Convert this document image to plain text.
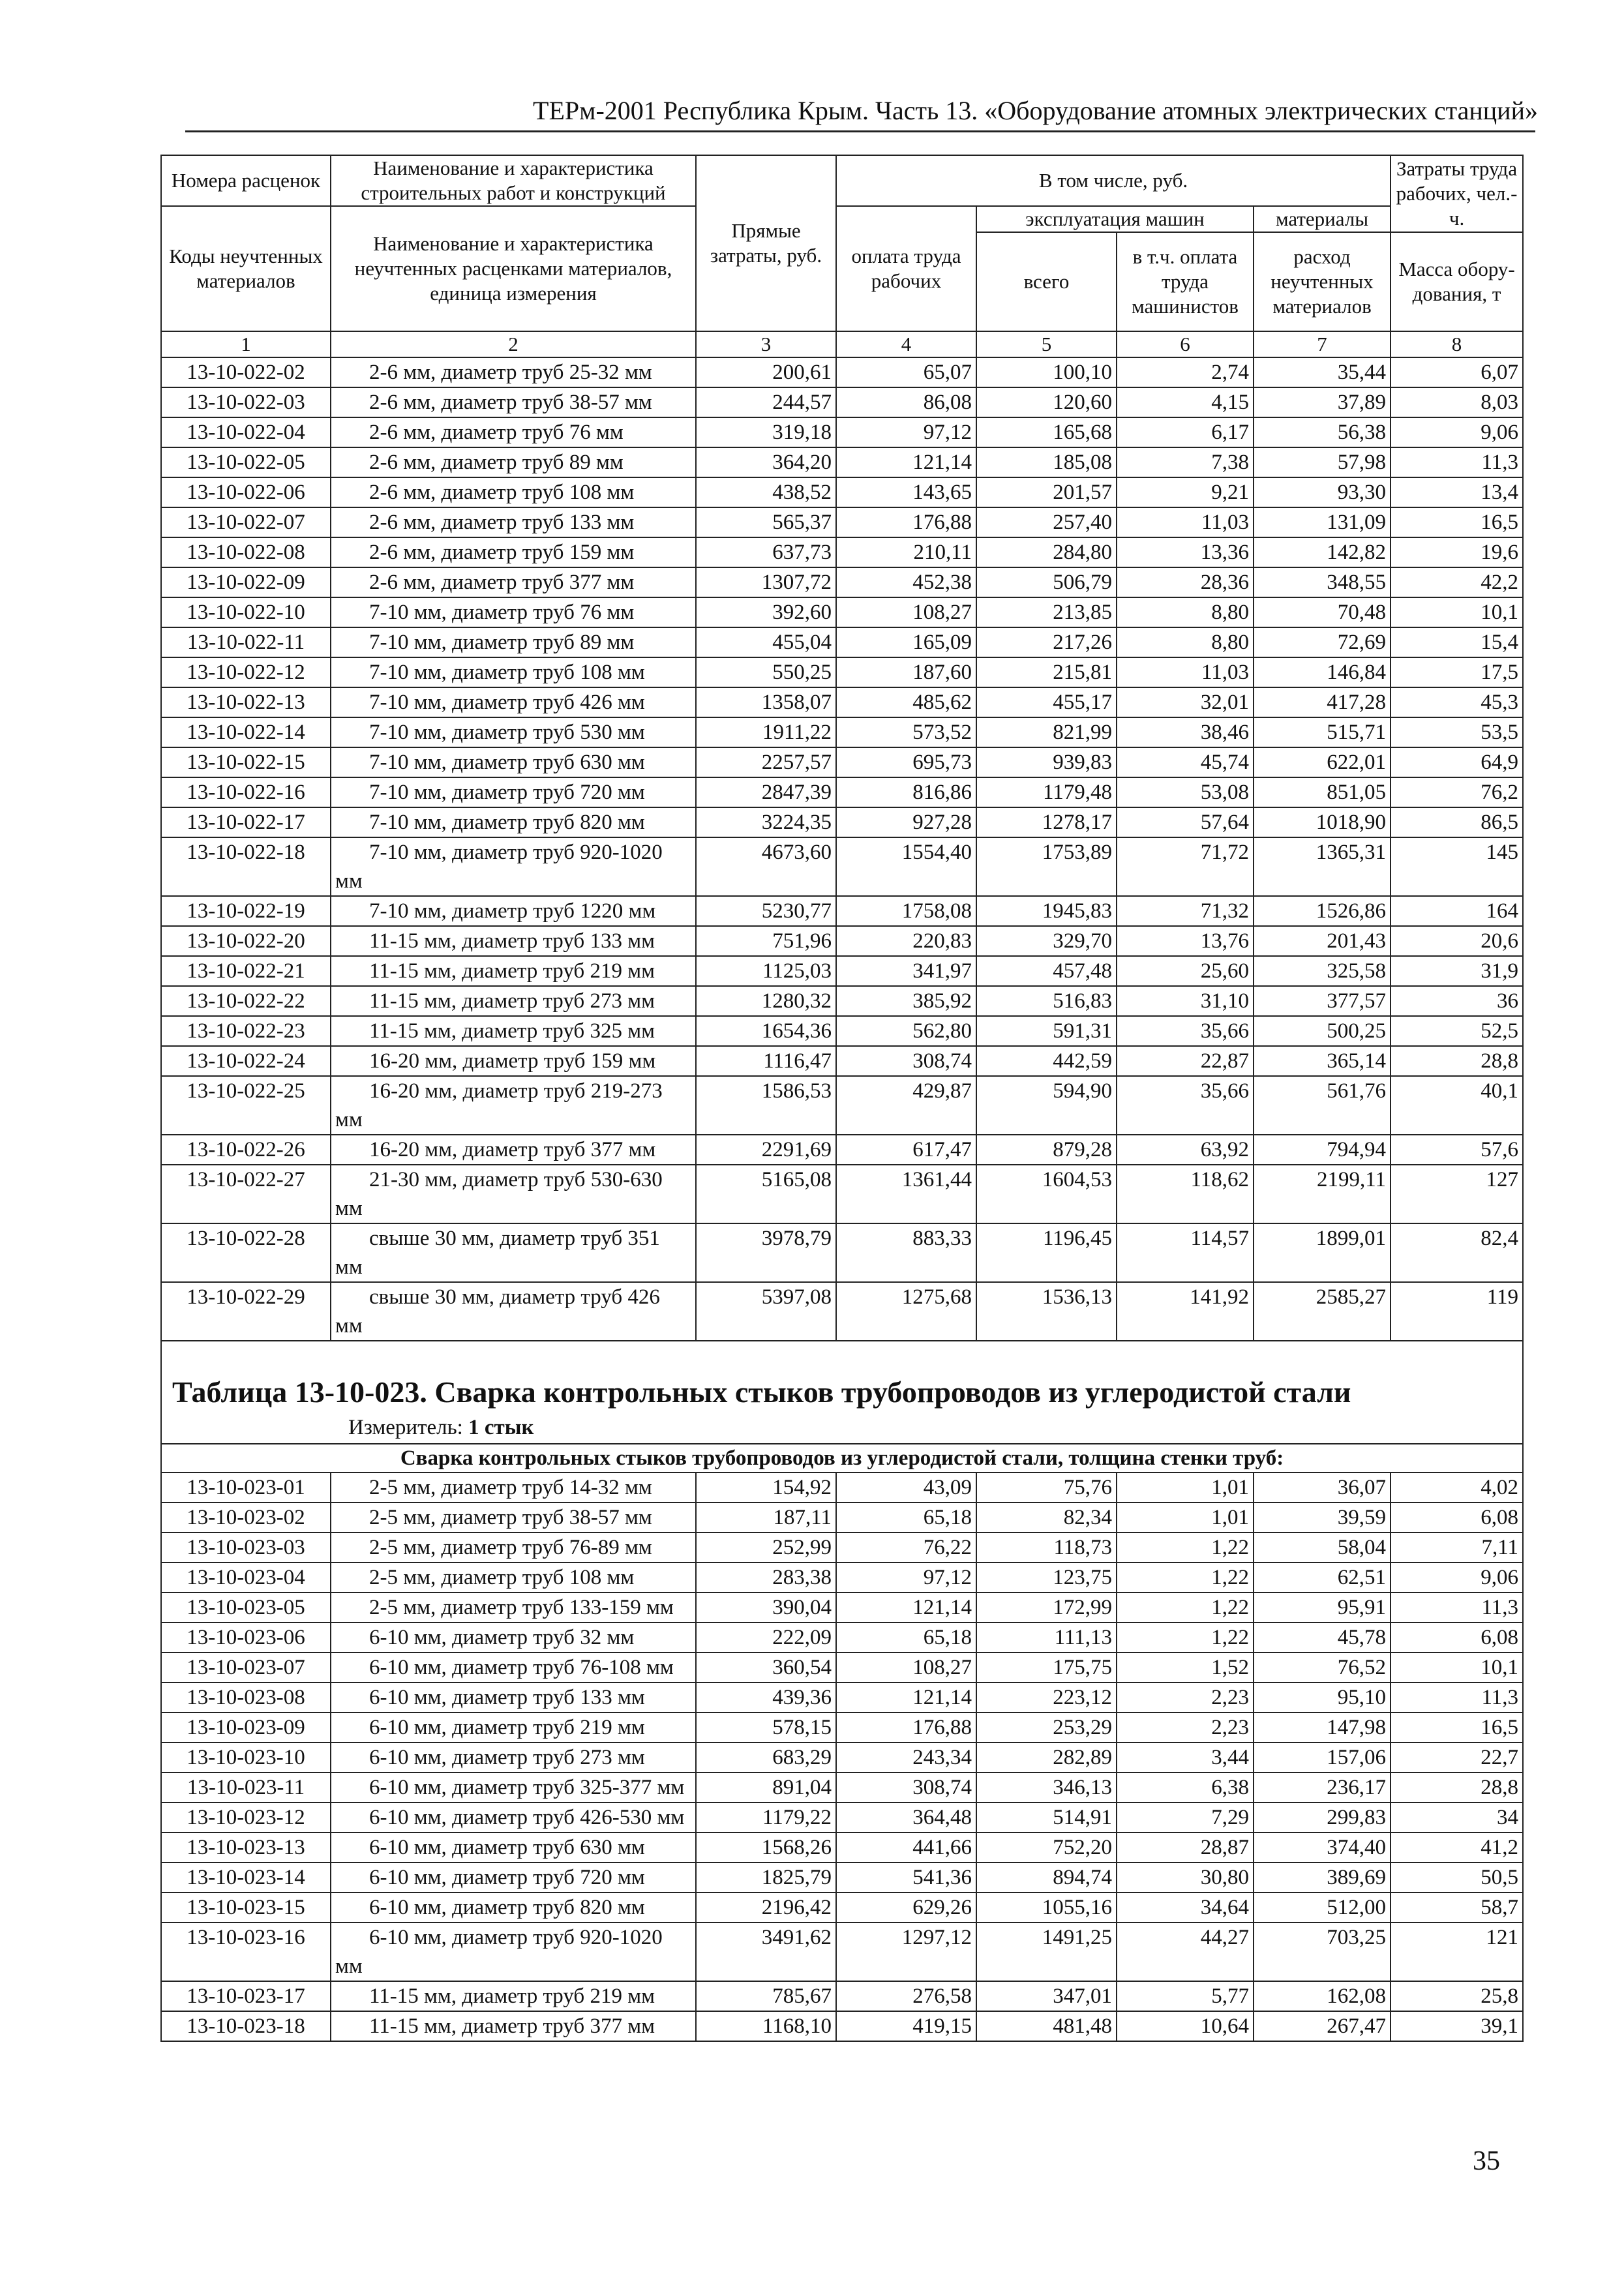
ТЕРм-2001 Республика Крым. Часть 13. «Оборудование атомных электрических станций»
Номера расценок	Наименование и характеристика строительных работ и конструкций	Прямые затраты, руб.	В том числе, руб.				Затраты труда рабочих, чел.-ч.
Коды неучтенных материалов	Наименование и характеристика неучтенных расценками материалов, единица измерения		оплата труда рабочих	эксплуатация машин		материалы	
				всего	в т.ч. оплата труда машинистов	расход неучтенных материалов	Масса обору-дования, т
1	2	3	4	5	6	7	8
13-10-022-02	2-6 мм, диаметр труб 25-32 мм	200,61	65,07	100,10	2,74	35,44	6,07
13-10-022-03	2-6 мм, диаметр труб 38-57 мм	244,57	86,08	120,60	4,15	37,89	8,03
13-10-022-04	2-6 мм, диаметр труб 76 мм	319,18	97,12	165,68	6,17	56,38	9,06
13-10-022-05	2-6 мм, диаметр труб 89 мм	364,20	121,14	185,08	7,38	57,98	11,3
13-10-022-06	2-6 мм, диаметр труб 108 мм	438,52	143,65	201,57	9,21	93,30	13,4
13-10-022-07	2-6 мм, диаметр труб 133 мм	565,37	176,88	257,40	11,03	131,09	16,5
13-10-022-08	2-6 мм, диаметр труб 159 мм	637,73	210,11	284,80	13,36	142,82	19,6
13-10-022-09	2-6 мм, диаметр труб 377 мм	1307,72	452,38	506,79	28,36	348,55	42,2
13-10-022-10	7-10 мм, диаметр труб 76 мм	392,60	108,27	213,85	8,80	70,48	10,1
13-10-022-11	7-10 мм, диаметр труб 89 мм	455,04	165,09	217,26	8,80	72,69	15,4
13-10-022-12	7-10 мм, диаметр труб 108 мм	550,25	187,60	215,81	11,03	146,84	17,5
13-10-022-13	7-10 мм, диаметр труб 426 мм	1358,07	485,62	455,17	32,01	417,28	45,3
13-10-022-14	7-10 мм, диаметр труб 530 мм	1911,22	573,52	821,99	38,46	515,71	53,5
13-10-022-15	7-10 мм, диаметр труб 630 мм	2257,57	695,73	939,83	45,74	622,01	64,9
13-10-022-16	7-10 мм, диаметр труб 720 мм	2847,39	816,86	1179,48	53,08	851,05	76,2
13-10-022-17	7-10 мм, диаметр труб 820 мм	3224,35	927,28	1278,17	57,64	1018,90	86,5
13-10-022-18	7-10 мм, диаметр труб 920-1020 мм	4673,60	1554,40	1753,89	71,72	1365,31	145
13-10-022-19	7-10 мм, диаметр труб 1220 мм	5230,77	1758,08	1945,83	71,32	1526,86	164
13-10-022-20	11-15 мм, диаметр труб 133 мм	751,96	220,83	329,70	13,76	201,43	20,6
13-10-022-21	11-15 мм, диаметр труб 219 мм	1125,03	341,97	457,48	25,60	325,58	31,9
13-10-022-22	11-15 мм, диаметр труб 273 мм	1280,32	385,92	516,83	31,10	377,57	36
13-10-022-23	11-15 мм, диаметр труб 325 мм	1654,36	562,80	591,31	35,66	500,25	52,5
13-10-022-24	16-20 мм, диаметр труб 159 мм	1116,47	308,74	442,59	22,87	365,14	28,8
13-10-022-25	16-20 мм, диаметр труб 219-273 мм	1586,53	429,87	594,90	35,66	561,76	40,1
13-10-022-26	16-20 мм, диаметр труб 377 мм	2291,69	617,47	879,28	63,92	794,94	57,6
13-10-022-27	21-30 мм, диаметр труб 530-630 мм	5165,08	1361,44	1604,53	118,62	2199,11	127
13-10-022-28	свыше 30 мм, диаметр труб 351 мм	3978,79	883,33	1196,45	114,57	1899,01	82,4
13-10-022-29	свыше 30 мм, диаметр труб 426 мм	5397,08	1275,68	1536,13	141,92	2585,27	119

Таблица 13-10-023. Сварка контрольных стыков трубопроводов из углеродистой стали							
Измеритель: 1 стык							
Сварка контрольных стыков трубопроводов из углеродистой стали, толщина стенки труб:							
13-10-023-01	2-5 мм, диаметр труб 14-32 мм	154,92	43,09	75,76	1,01	36,07	4,02
13-10-023-02	2-5 мм, диаметр труб 38-57 мм	187,11	65,18	82,34	1,01	39,59	6,08
13-10-023-03	2-5 мм, диаметр труб 76-89 мм	252,99	76,22	118,73	1,22	58,04	7,11
13-10-023-04	2-5 мм, диаметр труб 108 мм	283,38	97,12	123,75	1,22	62,51	9,06
13-10-023-05	2-5 мм, диаметр труб 133-159 мм	390,04	121,14	172,99	1,22	95,91	11,3
13-10-023-06	6-10 мм, диаметр труб 32 мм	222,09	65,18	111,13	1,22	45,78	6,08
13-10-023-07	6-10 мм, диаметр труб 76-108 мм	360,54	108,27	175,75	1,52	76,52	10,1
13-10-023-08	6-10 мм, диаметр труб 133 мм	439,36	121,14	223,12	2,23	95,10	11,3
13-10-023-09	6-10 мм, диаметр труб 219 мм	578,15	176,88	253,29	2,23	147,98	16,5
13-10-023-10	6-10 мм, диаметр труб 273 мм	683,29	243,34	282,89	3,44	157,06	22,7
13-10-023-11	6-10 мм, диаметр труб 325-377 мм	891,04	308,74	346,13	6,38	236,17	28,8
13-10-023-12	6-10 мм, диаметр труб 426-530 мм	1179,22	364,48	514,91	7,29	299,83	34
13-10-023-13	6-10 мм, диаметр труб 630 мм	1568,26	441,66	752,20	28,87	374,40	41,2
13-10-023-14	6-10 мм, диаметр труб 720 мм	1825,79	541,36	894,74	30,80	389,69	50,5
13-10-023-15	6-10 мм, диаметр труб 820 мм	2196,42	629,26	1055,16	34,64	512,00	58,7
13-10-023-16	6-10 мм, диаметр труб 920-1020 мм	3491,62	1297,12	1491,25	44,27	703,25	121
13-10-023-17	11-15 мм, диаметр труб 219 мм	785,67	276,58	347,01	5,77	162,08	25,8
13-10-023-18	11-15 мм, диаметр труб 377 мм	1168,10	419,15	481,48	10,64	267,47	39,1
35
